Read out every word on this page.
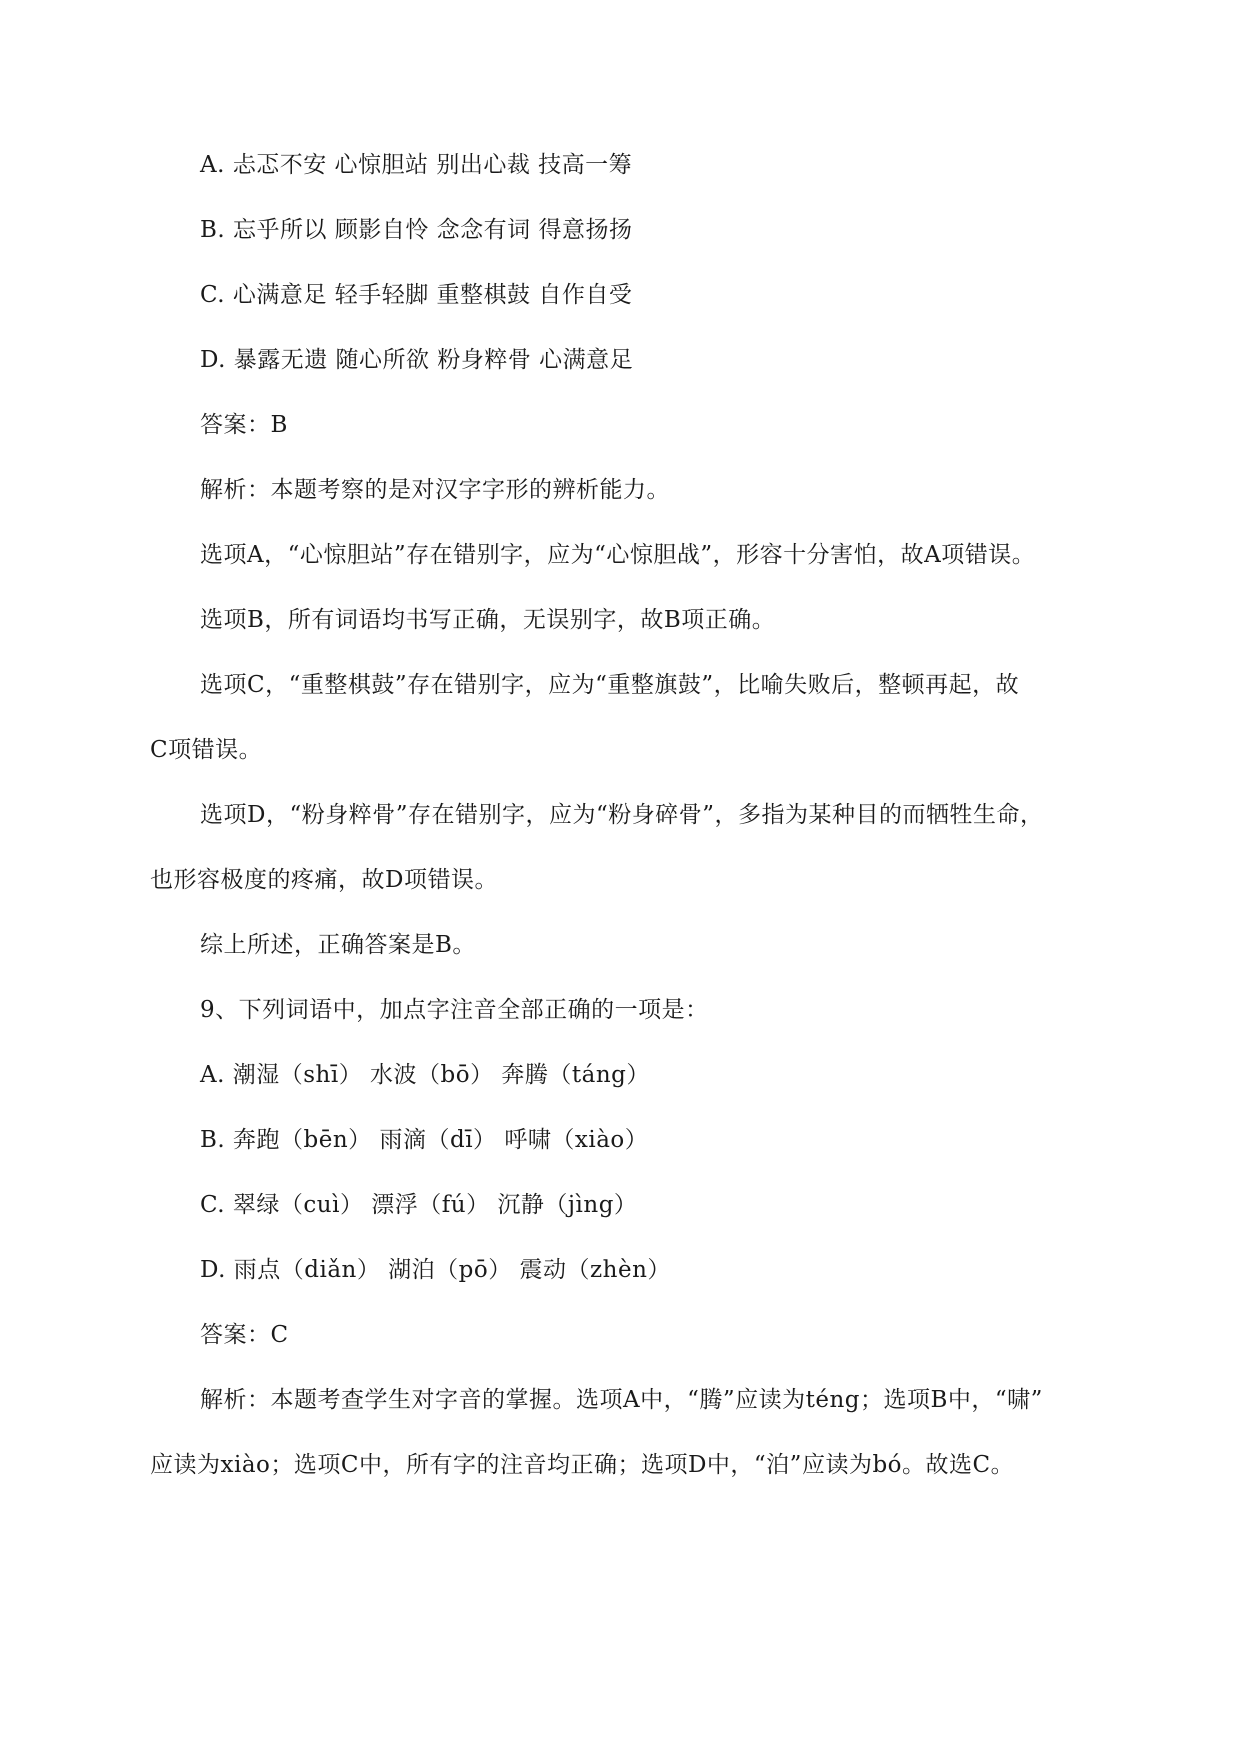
A. 忐忑不安 心惊胆站 别出心裁 技高一筹
B. 忘乎所以 顾影自怜 念念有词 得意扬扬
C. 心满意足 轻手轻脚 重整棋鼓 自作自受
D. 暴露无遗 随心所欲 粉身粹骨 心满意足
答案：B
解析：本题考察的是对汉字字形的辨析能力。
选项A，“心惊胆站”存在错别字，应为“心惊胆战”，形容十分害怕，故A项错误。
选项B，所有词语均书写正确，无误别字，故B项正确。
选项C，“重整棋鼓”存在错别字，应为“重整旗鼓”，比喻失败后，整顿再起，故
C项错误。
选项D，“粉身粹骨”存在错别字，应为“粉身碎骨”，多指为某种目的而牺牲生命，
也形容极度的疼痛，故D项错误。
综上所述，正确答案是B。
9、下列词语中，加点字注音全部正确的一项是：
A. 潮湿（shī） 水波（bō） 奔腾（táng）
B. 奔跑（bēn） 雨滴（dī） 呼啸（xiào）
C. 翠绿（cuì） 漂浮（fú） 沉静（jìng）
D. 雨点（diǎn） 湖泊（pō） 震动（zhèn）
答案：C
解析：本题考查学生对字音的掌握。选项A中，“腾”应读为téng；选项B中，“啸”
应读为xiào；选项C中，所有字的注音均正确；选项D中，“泊”应读为bó。故选C。
